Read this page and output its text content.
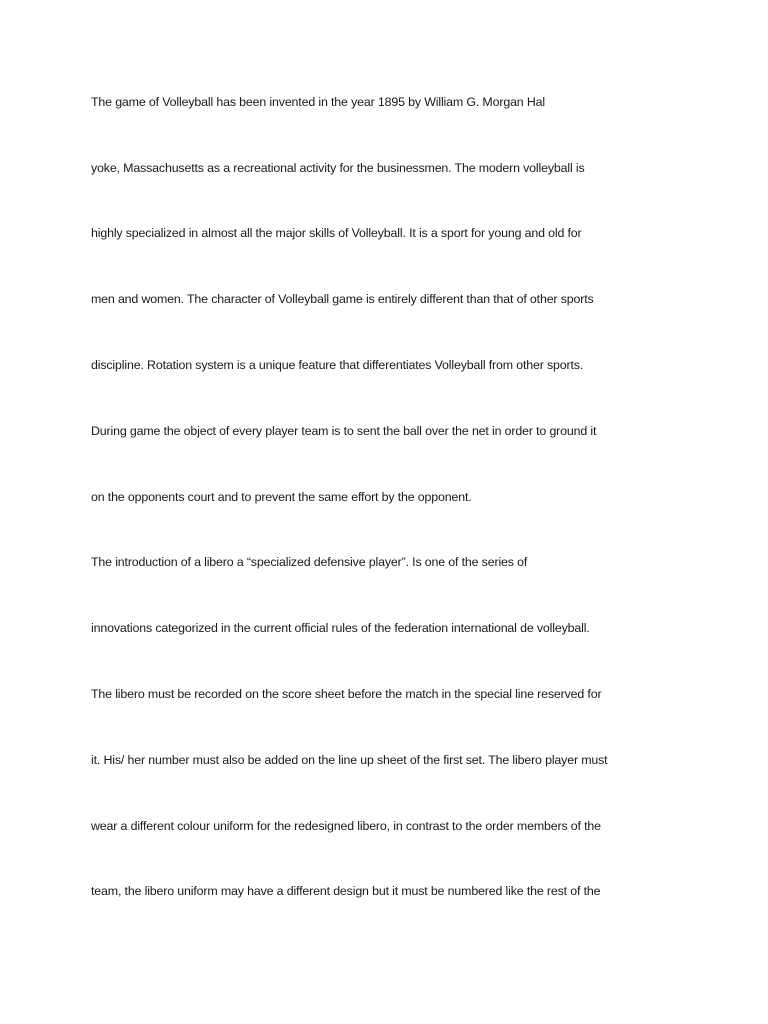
The game of Volleyball has been invented in the year 1895 by William G. Morgan Hal

yoke, Massachusetts as a recreational activity for the businessmen. The modern volleyball is

highly specialized in almost all the major skills of Volleyball. It is a sport for young and old for

men and women. The character of Volleyball game is entirely different than that of other sports

discipline. Rotation system is a unique feature that differentiates Volleyball from other sports.

During game the object of every player team is to sent the ball over the net in order to ground it

on the opponents court and to prevent the same effort by the opponent.

The introduction of a libero a “specialized defensive player”. Is one of the series of

innovations categorized in the current official rules of the federation international de volleyball.

The libero must be recorded on the score sheet before the match in the special line reserved for

it. His/ her number must also be added on the line up sheet of the first set. The libero player must

wear a different colour uniform for the redesigned libero, in contrast to the order members of the

team, the libero uniform may have a different design but it must be numbered like the rest of the
